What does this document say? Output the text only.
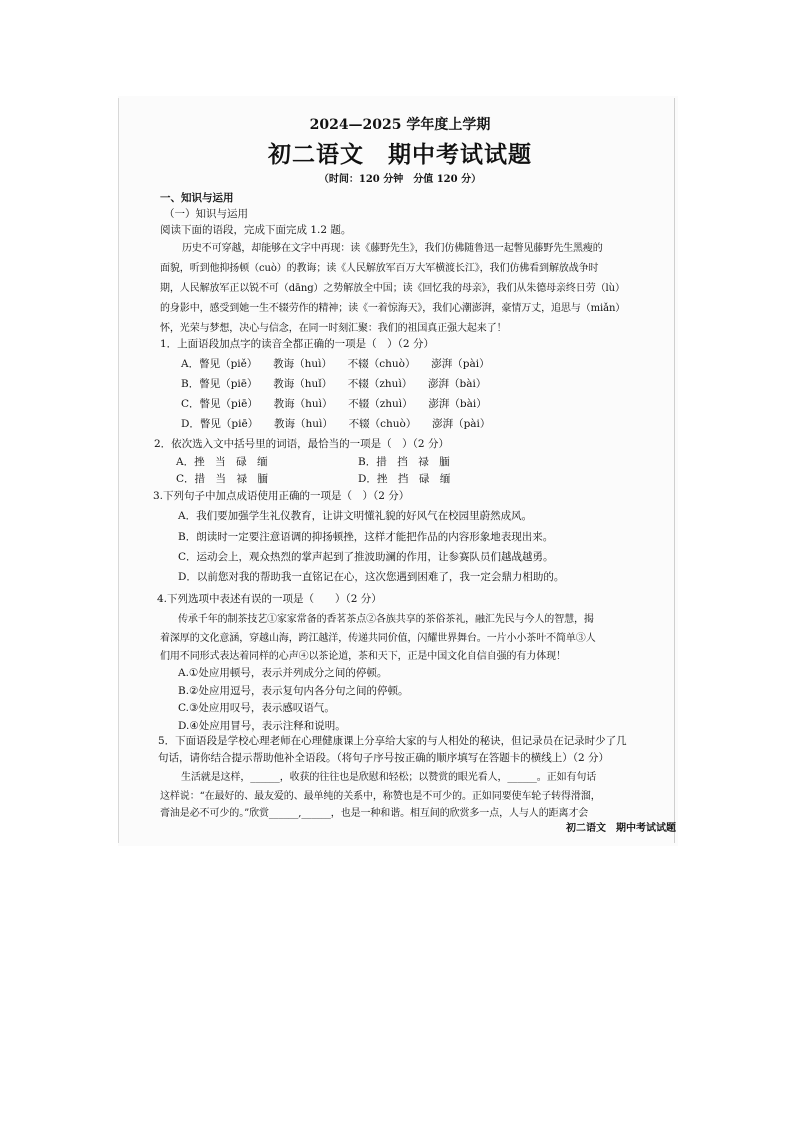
2024—2025 学年度上学期
初二语文　期中考试试题
（时间：120 分钟　分值 120 分）
一、知识与运用
（一）知识与运用
阅读下面的语段，完成下面完成 1.2 题。
历史不可穿越，却能够在文字中再现：读《藤野先生》，我们仿佛随鲁迅一起瞥见藤野先生黑瘦的
面貌，听到他抑扬顿（cuò）的教诲；读《人民解放军百万大军横渡长江》，我们仿佛看到解放战争时
期，人民解放军正以锐不可（dāng）之势解放全中国；读《回忆我的母亲》，我们从朱德母亲终日劳（lù）
的身影中，感受到她一生不辍劳作的精神；读《一着惊海天》，我们心潮澎湃，豪情万丈，追思与（miǎn）
怀，光荣与梦想，决心与信念，在同一时刻汇聚：我们的祖国真正强大起来了！
1．上面语段加点字的读音全都正确的一项是（　）（2 分）
A．瞥见（piě）　　教诲（huì）　　不辍（chuò）　　澎湃（pài）
B．瞥见（piē）　　教诲（huǐ）　　不辍（zhuì）　　澎湃（bài）
C．瞥见（piē）　　教诲（huì）　　不辍（zhuì）　　澎湃（bài）
D．瞥见（piē）　　教诲（huì）　　不辍（chuò）　　澎湃（pài）
2．依次选入文中括号里的词语，最恰当的一项是（　）（2 分）
A．挫　当　碌　缅	B．措　挡　禄　腼
C．措　当　禄　腼	D．挫　挡　碌　缅
3.下列句子中加点成语使用正确的一项是（　）（2 分）
A．我们要加强学生礼仪教育，让讲文明懂礼貌的好风气在校园里蔚然成风。
B．朗读时一定要注意语调的抑扬顿挫，这样才能把作品的内容形象地表现出来。
C．运动会上，观众热烈的掌声起到了推波助澜的作用，让参赛队员们越战越勇。
D．以前您对我的帮助我一直铭记在心，这次您遇到困难了，我一定会鼎力相助的。
4.下列选项中表述有误的一项是（　　）（2 分）
传承千年的制茶技艺①家家常备的香茗茶点②各族共享的茶俗茶礼，融汇先民与今人的智慧，揭
着深厚的文化意涵，穿越山海，跨江越洋，传递共同价值，闪耀世界舞台。一片小小茶叶不简单③人
们用不同形式表达着同样的心声④以茶论道，茶和天下，正是中国文化自信自强的有力体现！
A.①处应用顿号，表示并列成分之间的停顿。
B.②处应用逗号，表示复句内各分句之间的停顿。
C.③处应用叹号，表示感叹语气。
D.④处应用冒号，表示注释和说明。
5．下面语段是学校心理老师在心理健康课上分享给大家的与人相处的秘诀，但记录员在记录时少了几
句话，请你结合提示帮助他补全语段。（将句子序号按正确的顺序填写在答题卡的横线上）（2 分）
生活就是这样，______，收获的往往也是欣慰和轻松；以赞赏的眼光看人，______。正如有句话
这样说：“在最好的、最友爱的、最单纯的关系中，称赞也是不可少的。正如同要使车轮子转得滑溜，
膏油是必不可少的。”欣赏______,______，也是一种和谐。相互间的欣赏多一点，人与人的距离才会
初二语文　期中考试试题
